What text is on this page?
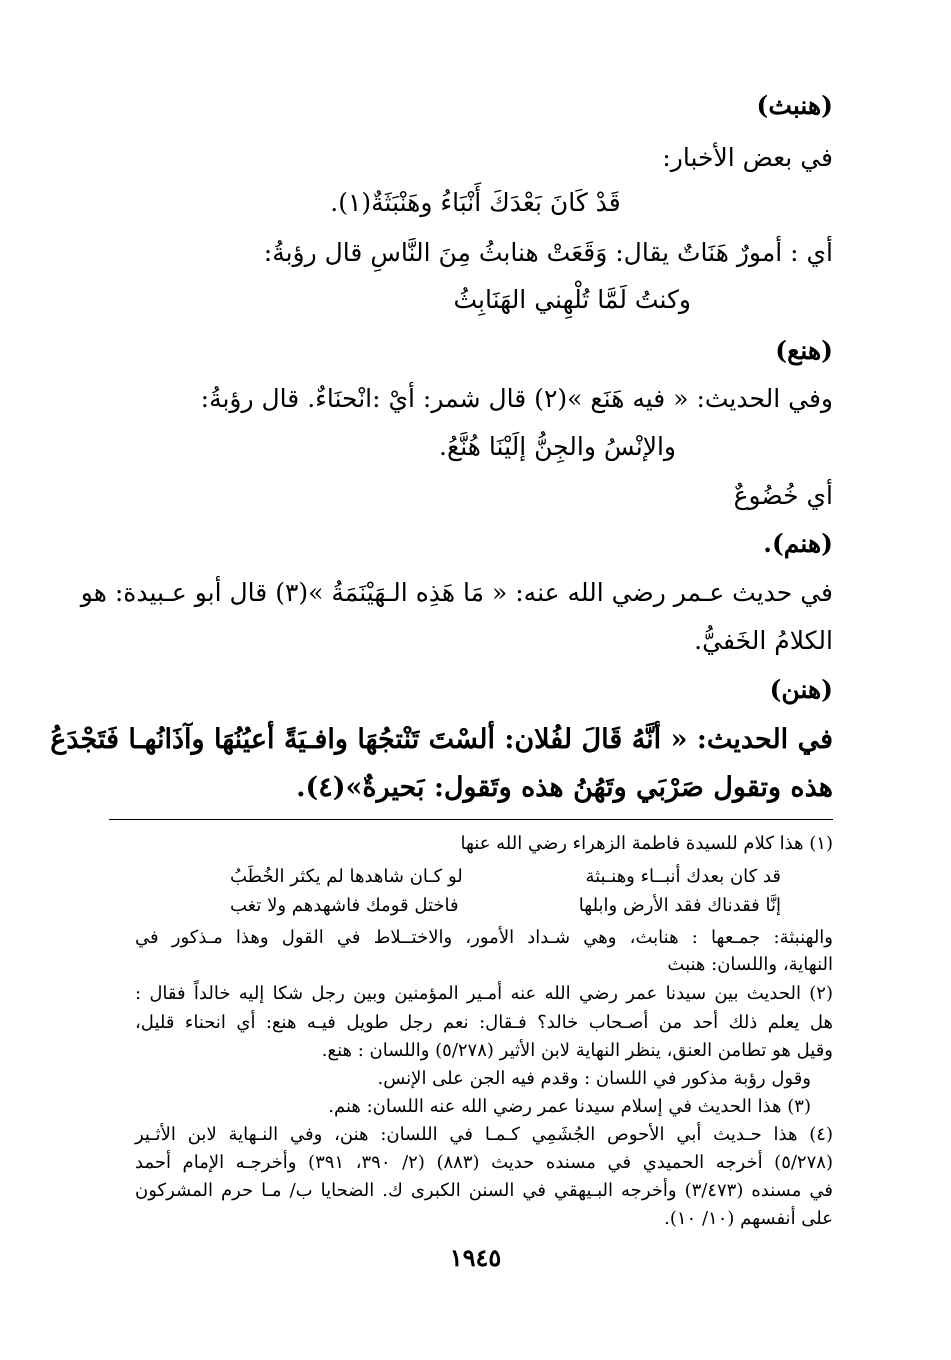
(هنبث)
في بعض الأخبار:
قَدْ كَانَ بَعْدَكَ أَنْبَاءُ وهَنْبَثَةٌ(١).
أي : أمورٌ هَنَاتٌ يقال: وَقَعَتْ هنابثُ مِنَ النَّاسِ قال رؤبةُ:
وكنتُ لَمَّا تُلْهِني الهَنَابِثُ
(هنع)
وفي الحديث: « فيه هَنَع »(٢) قال شمر: أيْ :انْحنَاءٌ. قال رؤبةُ:
والإنْسُ والجِنُّ إلَيْنَا هُنَّعُ.
أي خُضُوعٌ
(هنم).
في حديث عـمر رضي الله عنه: « مَا هَذِه الـهَيْنَمَةُ »(٣) قال أبو عـبيدة: هو
الكلامُ الخَفيُّ.
(هنن)
في الحديث: « أنَّهُ قَالَ لفُلان: ألسْتَ تَنْتجُهَا وافـيَةً أعيُنُهَا وآذَانُهـا فَتَجْدَعُ
هذه وتقول صَرْبَي وتَهُنُ هذه وتَقول: بَحيرةٌ»(٤).
(١) هذا كلام للسيدة فاطمة الزهراء رضي الله عنها
قد كان بعدك أنبــاء وهنـبثة
لو كـان شاهدها لم يكثر الخُطَبُ
إنَّا فقدناك فقد الأرض وابلها
فاختل قومك فاشهدهم ولا تغب
والهنبثة: جمـعها : هنابث، وهي شـداد الأمور، والاختــلاط في القول وهذا مـذكور في
النهاية، واللسان: هنبث
(٢) الحديث بين سيدنا عمر رضي الله عنه أمـير المؤمنين وبين رجل شكا إليه خالداً فقال :
هل يعلم ذلك أحد من أصـحاب خالد؟ فـقال: نعم رجل طويل فيـه هنع: أي انحناء قليل،
وقيل هو تطامن العنق، ينظر النهاية لابن الأثير (٥/٢٧٨) واللسان : هنع.
وقول رؤبة مذكور في اللسان : وقدم فيه الجن على الإنس.
(٣) هذا الحديث في إسلام سيدنا عمر رضي الله عنه اللسان: هنم.
(٤) هذا حـديث أبي الأحوص الجُشَمِي كـمـا في اللسان: هنن، وفي النـهاية لابن الأثـير
(٥/٢٧٨) أخرجه الحميدي في مسنده حديث (٨٨٣) (٢/ ٣٩٠، ٣٩١) وأخرجـه الإمام أحمد
في مسنده (٣/٤٧٣) وأخرجه البـيهقي في السنن الكبرى ك. الضحايا ب/ مـا حرم المشركون
على أنفسهم (١٠/ ١٠).
١٩٤٥
